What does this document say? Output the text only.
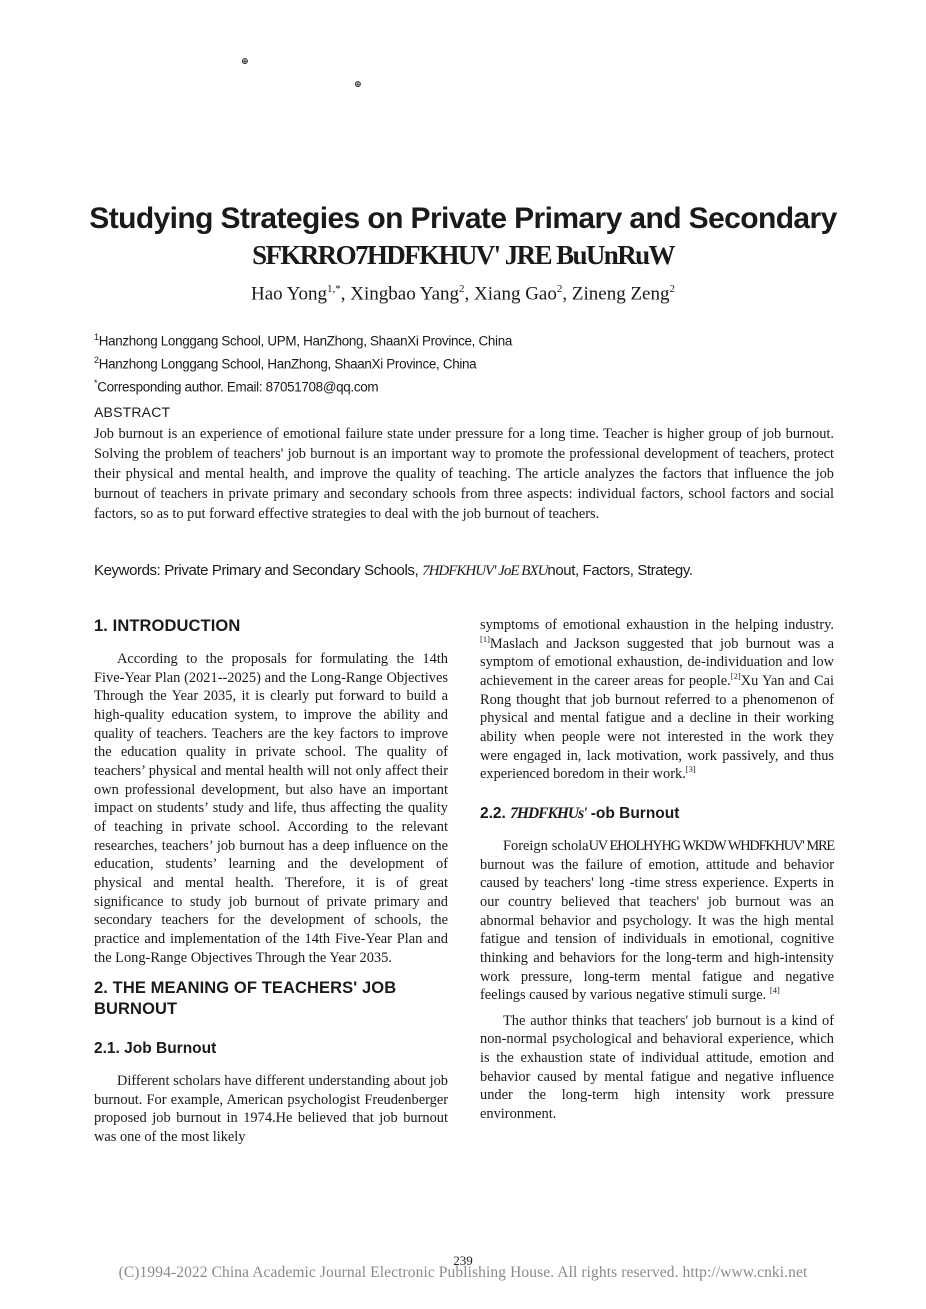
⊕
⊕
Studying Strategies on Private Primary and Secondary
SFKRRO7HDFKHUV' JRE BuUnRuW
Hao Yong$^{1,*}$, Xingbao Yang$^2$, Xiang Gao$^2$, Zineng Zeng$^2$
$^1$Hanzhong Longgang School, UPM, HanZhong, ShaanXi Province, China
$^2$Hanzhong Longgang School, HanZhong, ShaanXi Province, China
*Corresponding author. Email: 87051708@qq.com
ABSTRACT

Job burnout is an experience of emotional failure state under pressure for a long time. Teacher is higher group of job burnout. Solving the problem of teachers' job burnout is an important way to promote the professional development of teachers, protect their physical and mental health, and improve the quality of teaching. The article analyzes the factors that influence the job burnout of teachers in private primary and secondary schools from three aspects: individual factors, school factors and social factors, so as to put forward effective strategies to deal with the job burnout of teachers.

Keywords: Private Primary and Secondary Schools, 7HDFKHUV' JoE BXUnout, Factors, Strategy.
1. INTRODUCTION

According to the proposals for formulating the 14th Five-Year Plan (2021--2025) and the Long-Range Objectives Through the Year 2035, it is clearly put forward to build a high-quality education system, to improve the ability and quality of teachers. Teachers are the key factors to improve the education quality in private school. The quality of teachers’ physical and mental health will not only affect their own professional development, but also have an important impact on students’ study and life, thus affecting the quality of teaching in private school. According to the relevant researches, teachers’ job burnout has a deep influence on the education, students’ learning and the development of physical and mental health. Therefore, it is of great significance to study job burnout of private primary and secondary teachers for the development of schools, the practice and implementation of the 14th Five-Year Plan and the Long-Range Objectives Through the Year 2035.

2. THE MEANING OF TEACHERS' JOB BURNOUT
2.1. Job Burnout

Different scholars have different understanding about job burnout. For example, American psychologist Freudenberger proposed job burnout in 1974.He believed that job burnout was one of the most likely

symptoms of emotional exhaustion in the helping industry.[1]Maslach and Jackson suggested that job burnout was a symptom of emotional exhaustion, de-individuation and low achievement in the career areas for people.[2]Xu Yan and Cai Rong thought that job burnout referred to a phenomenon of physical and mental fatigue and a decline in their working ability when people were not interested in the work they were engaged in, lack motivation, work passively, and thus experienced boredom in their work.[3]

2.2. 7HDFKHUs' -ob Burnout

Foreign scholaUV EHOLHYHG WKDW WHDFKHUV' MRE burnout was the failure of emotion, attitude and behavior caused by teachers' long -time stress experience. Experts in our country believed that teachers' job burnout was an abnormal behavior and psychology. It was the high mental fatigue and tension of individuals in emotional, cognitive thinking and behaviors for the long-term and high-intensity work pressure, long-term mental fatigue and negative feelings caused by various negative stimuli surge. [4]

The author thinks that teachers' job burnout is a kind of non-normal psychological and behavioral experience, which is the exhaustion state of individual attitude, emotion and behavior caused by mental fatigue and negative influence under the long-term high intensity work pressure environment.

239
(C)1994-2022 China Academic Journal Electronic Publishing House. All rights reserved. http://www.cnki.net
